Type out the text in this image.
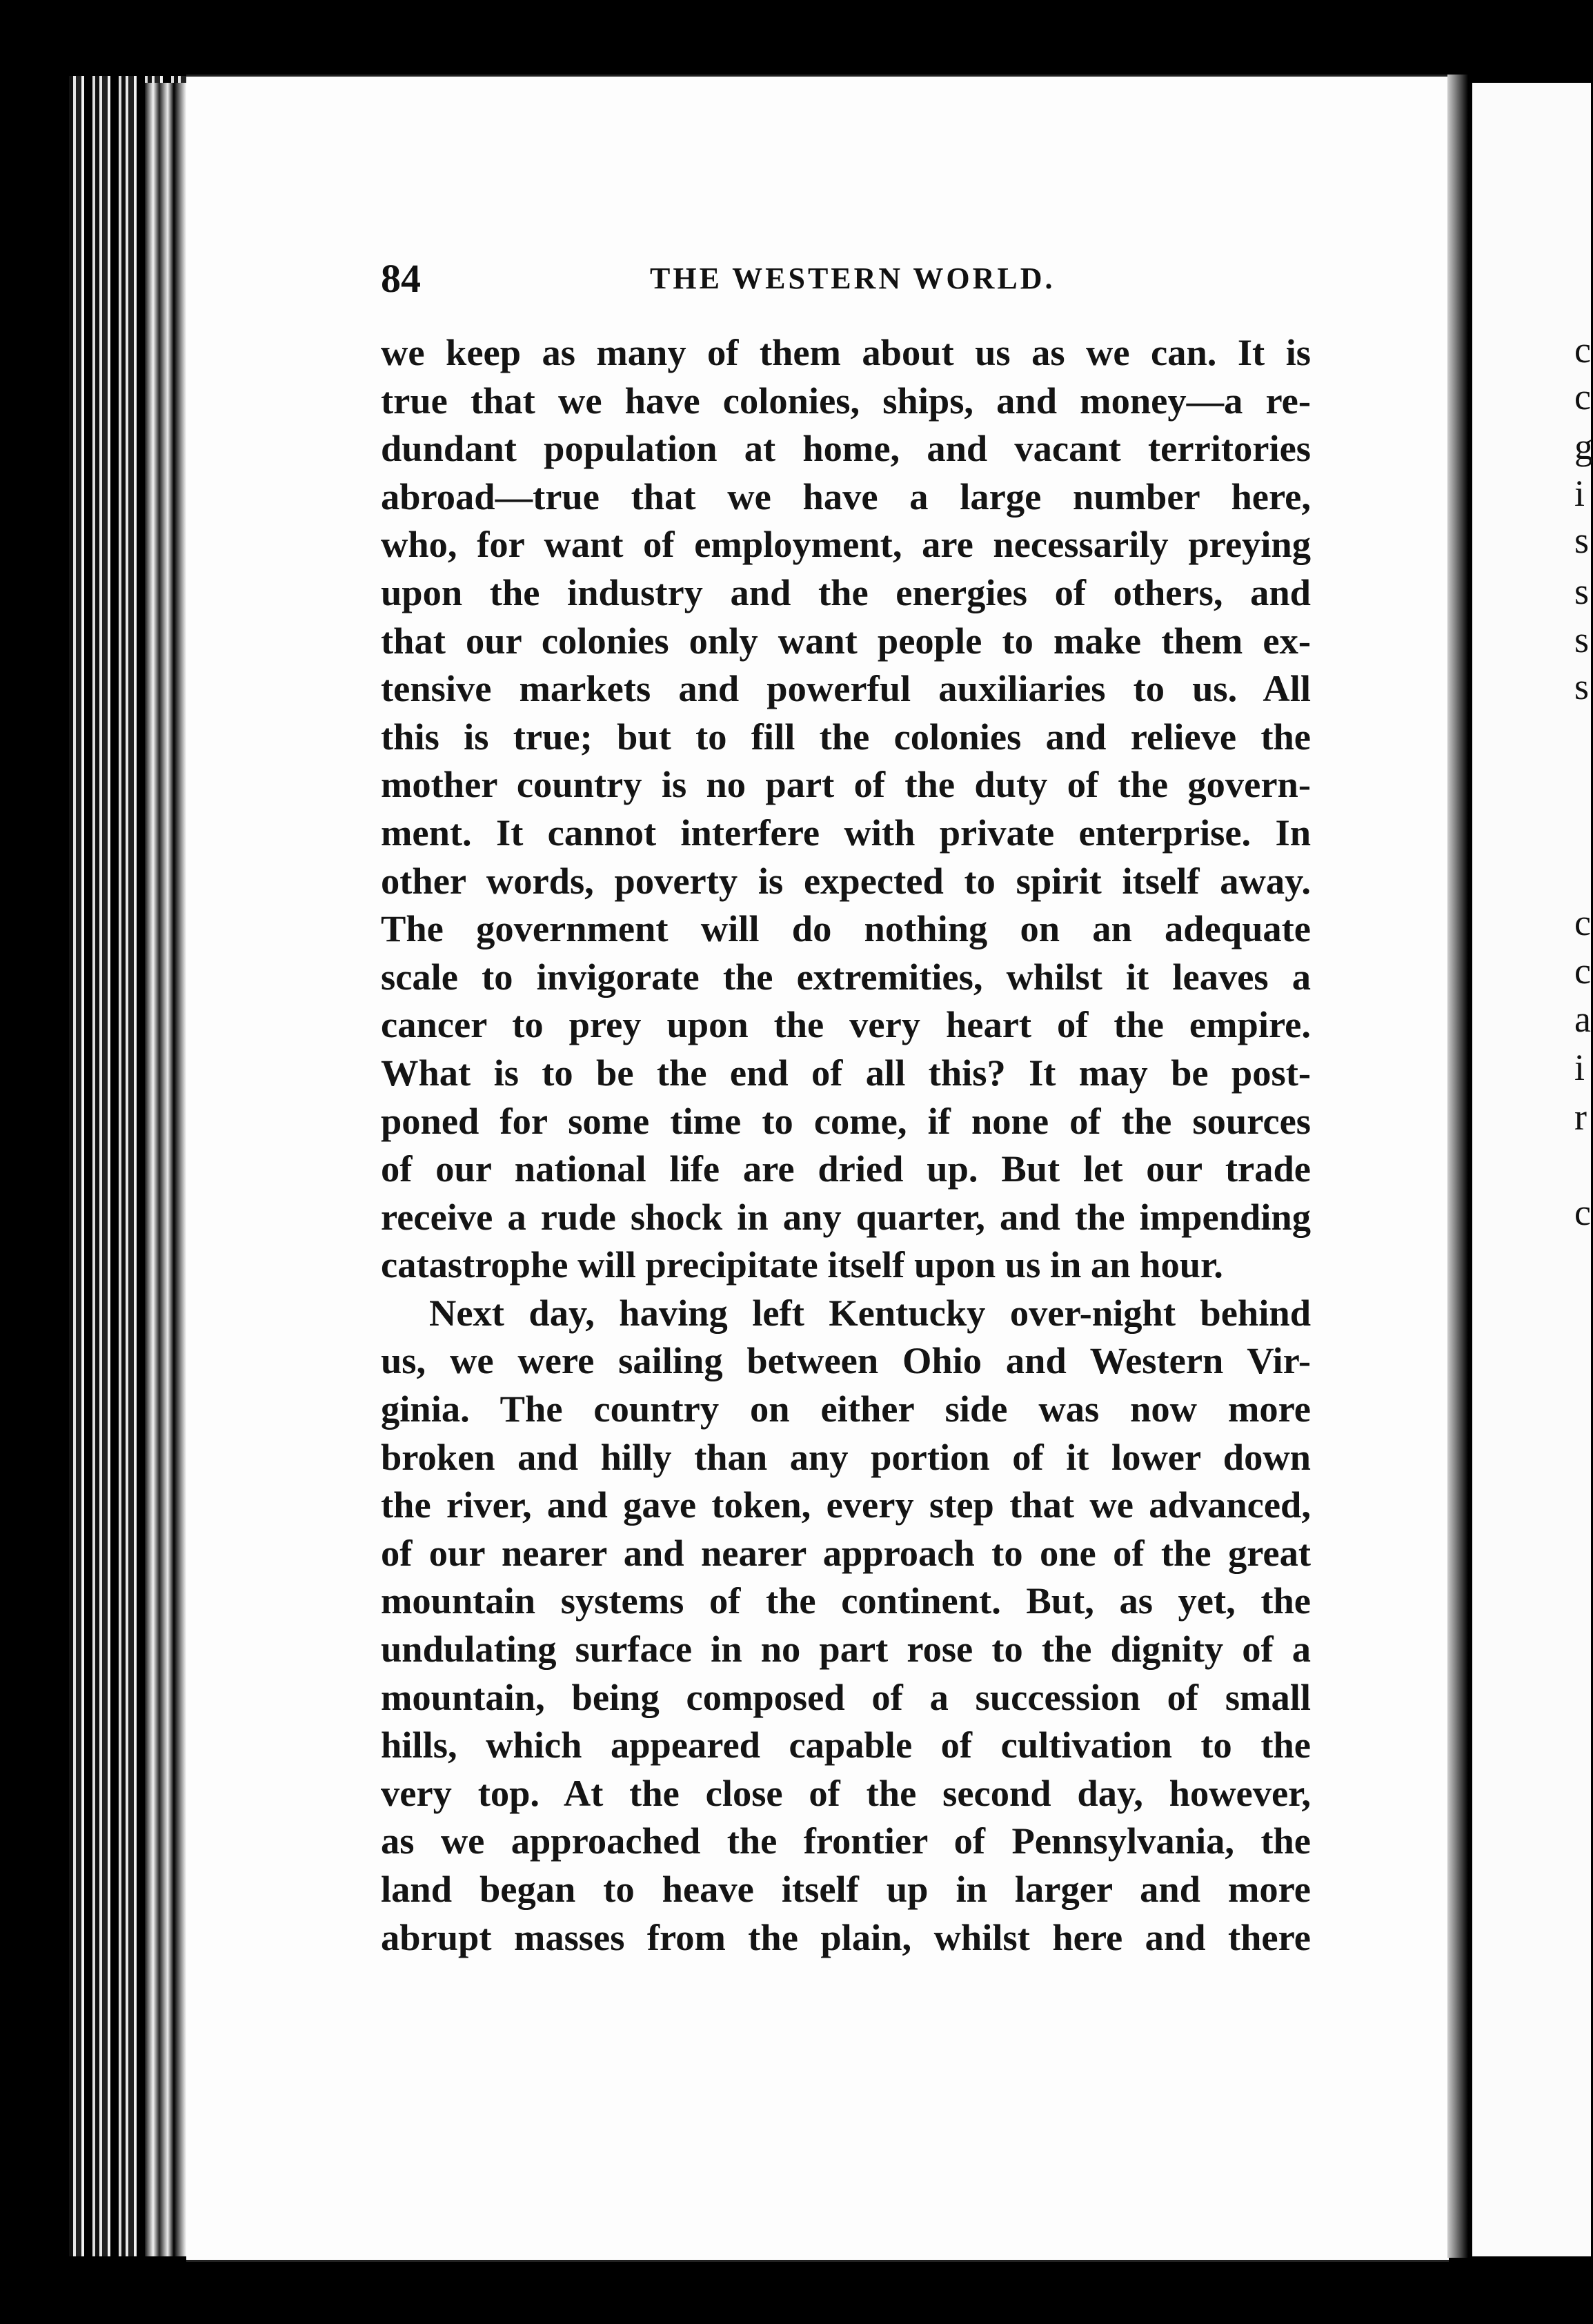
c
c
g
i
s
s
s
s
c
c
a
i
r
c
84	THE WESTERN WORLD.
we keep as many of them about us as we can. It is
true that we have colonies, ships, and money—a re-
dundant population at home, and vacant territories
abroad—true that we have a large number here,
who, for want of employment, are necessarily preying
upon the industry and the energies of others, and
that our colonies only want people to make them ex-
tensive markets and powerful auxiliaries to us. All
this is true; but to fill the colonies and relieve the
mother country is no part of the duty of the govern-
ment. It cannot interfere with private enterprise. In
other words, poverty is expected to spirit itself away.
The government will do nothing on an adequate
scale to invigorate the extremities, whilst it leaves a
cancer to prey upon the very heart of the empire.
What is to be the end of all this? It may be post-
poned for some time to come, if none of the sources
of our national life are dried up. But let our trade
receive a rude shock in any quarter, and the impending
catastrophe will precipitate itself upon us in an hour.
Next day, having left Kentucky over-night behind
us, we were sailing between Ohio and Western Vir-
ginia. The country on either side was now more
broken and hilly than any portion of it lower down
the river, and gave token, every step that we advanced,
of our nearer and nearer approach to one of the great
mountain systems of the continent. But, as yet, the
undulating surface in no part rose to the dignity of a
mountain, being composed of a succession of small
hills, which appeared capable of cultivation to the
very top. At the close of the second day, however,
as we approached the frontier of Pennsylvania, the
land began to heave itself up in larger and more
abrupt masses from the plain, whilst here and there
